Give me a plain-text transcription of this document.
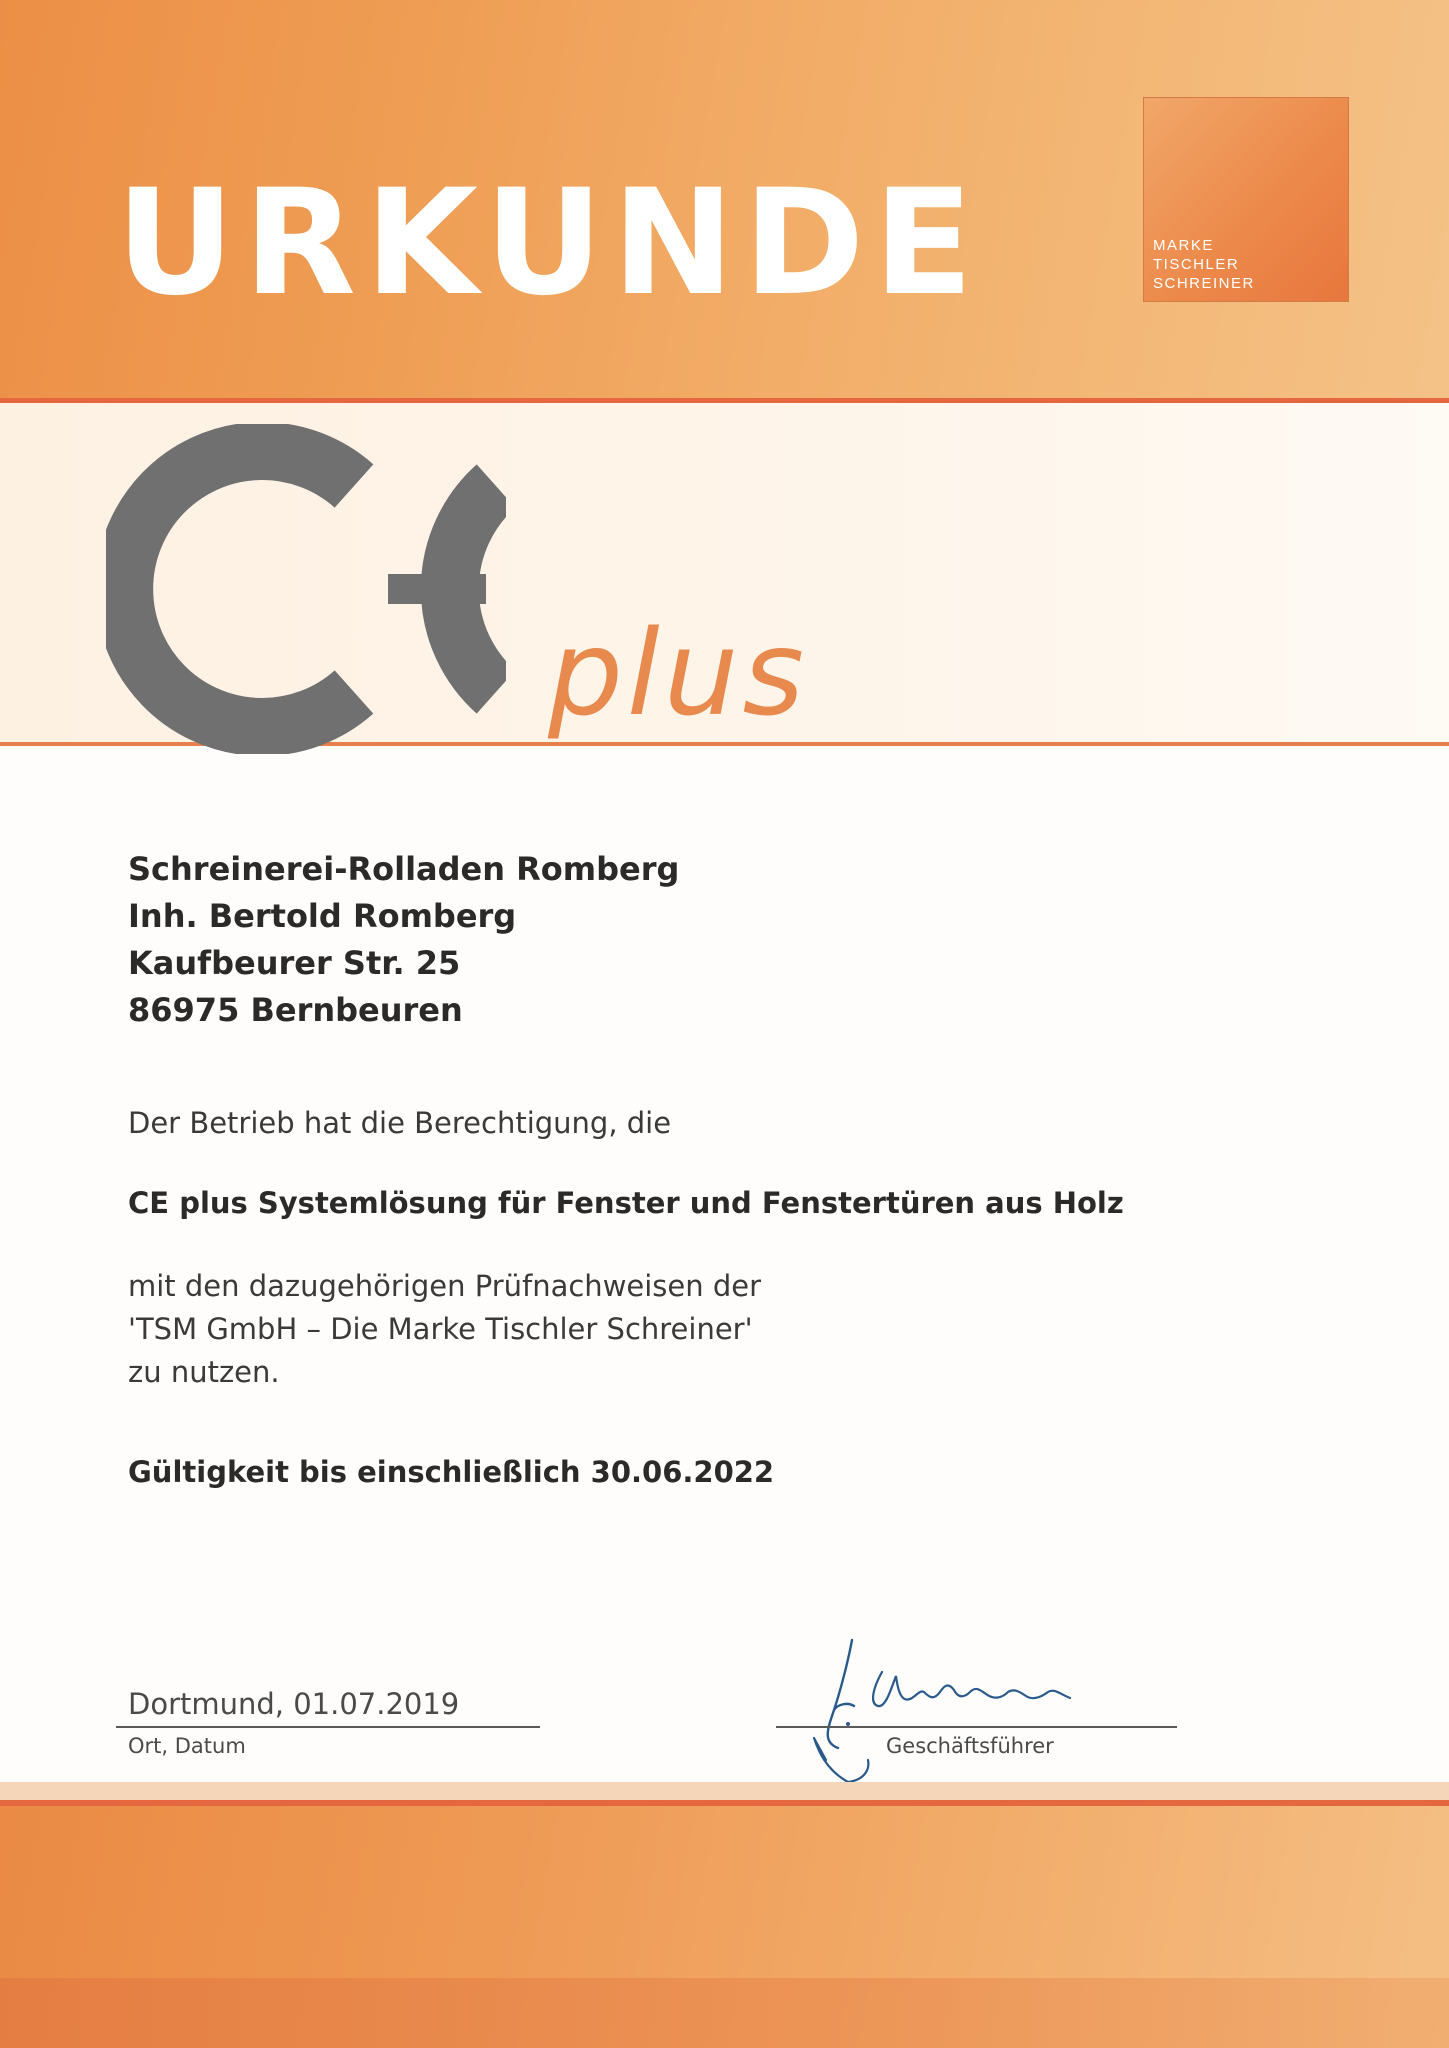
URKUNDE	MARKE
TISCHLER
SCHREINER
plus
Schreinerei-Rolladen Romberg
Inh. Bertold Romberg
Kaufbeurer Str. 25
86975 Bernbeuren
Der Betrieb hat die Berechtigung, die
CE plus Systemlösung für Fenster und Fenstertüren aus Holz
mit den dazugehörigen Prüfnachweisen der
'TSM GmbH – Die Marke Tischler Schreiner'
zu nutzen.
Gültigkeit bis einschließlich 30.06.2022
Dortmund, 01.07.2019
Ort, Datum	Geschäftsführer
